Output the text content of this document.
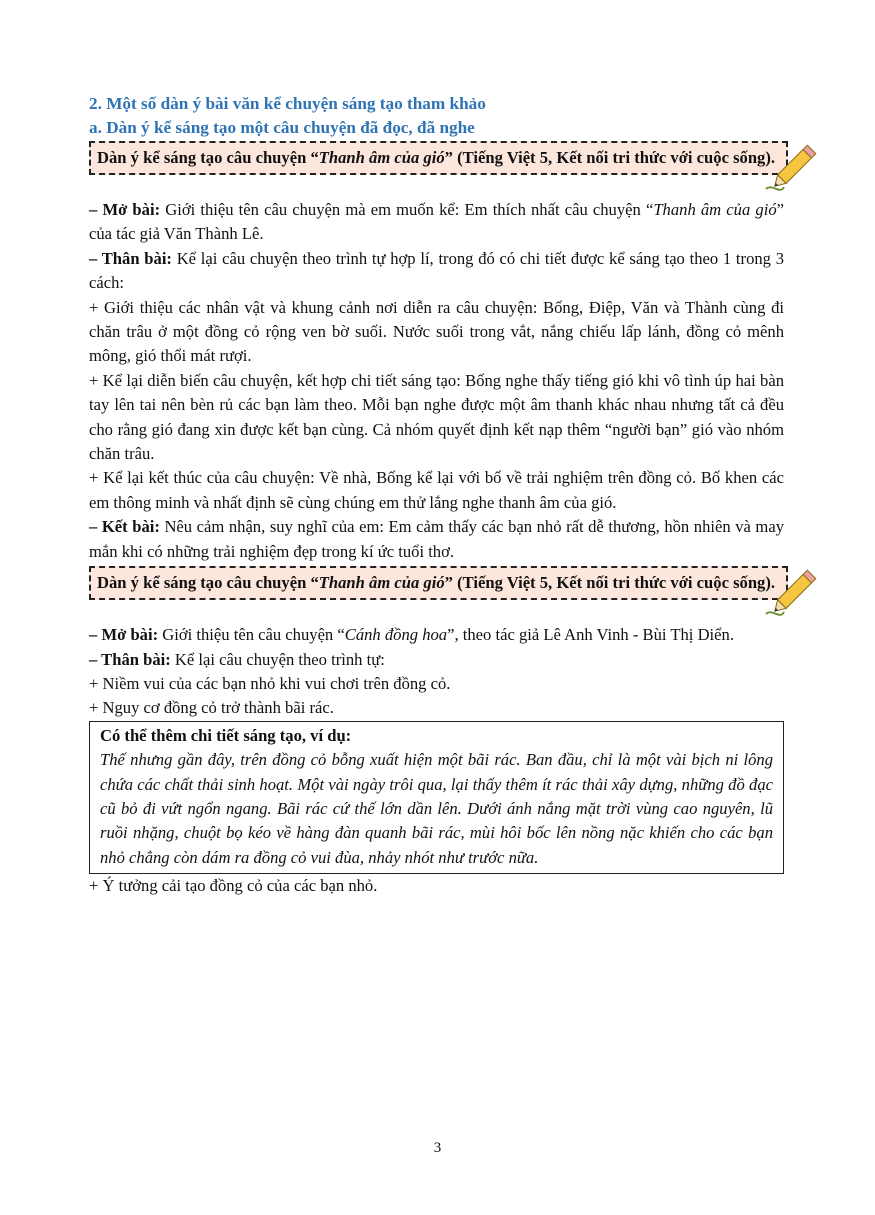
2. Một số dàn ý bài văn kể chuyện sáng tạo tham khảo

a. Dàn ý kể sáng tạo một câu chuyện đã đọc, đã nghe

Dàn ý kể sáng tạo câu chuyện “Thanh âm của gió” (Tiếng Việt 5, Kết nối tri thức với cuộc sống).

– Mở bài: Giới thiệu tên câu chuyện mà em muốn kể: Em thích nhất câu chuyện “Thanh âm của gió” của tác giả Văn Thành Lê.

– Thân bài: Kể lại câu chuyện theo trình tự hợp lí, trong đó có chi tiết được kể sáng tạo theo 1 trong 3 cách:

+ Giới thiệu các nhân vật và khung cảnh nơi diễn ra câu chuyện: Bống, Điệp, Văn và Thành cùng đi chăn trâu ở một đồng cỏ rộng ven bờ suối. Nước suối trong vắt, nắng chiếu lấp lánh, đồng cỏ mênh mông, gió thổi mát rượi.

+ Kể lại diễn biến câu chuyện, kết hợp chi tiết sáng tạo: Bống nghe thấy tiếng gió khi vô tình úp hai bàn tay lên tai nên bèn rủ các bạn làm theo. Mỗi bạn nghe được một âm thanh khác nhau nhưng tất cả đều cho rằng gió đang xin được kết bạn cùng. Cả nhóm quyết định kết nạp thêm “người bạn” gió vào nhóm chăn trâu.

+ Kể lại kết thúc của câu chuyện: Về nhà, Bống kể lại với bố về trải nghiệm trên đồng cỏ. Bố khen các em thông minh và nhất định sẽ cùng chúng em thử lắng nghe thanh âm của gió.

– Kết bài: Nêu cảm nhận, suy nghĩ của em: Em cảm thấy các bạn nhỏ rất dễ thương, hồn nhiên và may mắn khi có những trải nghiệm đẹp trong kí ức tuổi thơ.

Dàn ý kể sáng tạo câu chuyện “Thanh âm của gió” (Tiếng Việt 5, Kết nối tri thức với cuộc sống).

– Mở bài: Giới thiệu tên câu chuyện “Cánh đồng hoa”, theo tác giả Lê Anh Vinh - Bùi Thị Diển.

– Thân bài: Kể lại câu chuyện theo trình tự:

+ Niềm vui của các bạn nhỏ khi vui chơi trên đồng cỏ.

+ Nguy cơ đồng cỏ trở thành bãi rác.

Có thể thêm chi tiết sáng tạo, ví dụ:

Thế nhưng gần đây, trên đồng cỏ bỗng xuất hiện một bãi rác. Ban đầu, chỉ là một vài bịch ni lông chứa các chất thải sinh hoạt. Một vài ngày trôi qua, lại thấy thêm ít rác thải xây dựng, những đồ đạc cũ bỏ đi vứt ngổn ngang. Bãi rác cứ thế lớn dần lên. Dưới ánh nắng mặt trời vùng cao nguyên, lũ ruồi nhặng, chuột bọ kéo về hàng đàn quanh bãi rác, mùi hôi bốc lên nồng nặc khiến cho các bạn nhỏ chẳng còn dám ra đồng cỏ vui đùa, nhảy nhót như trước nữa.

+ Ý tưởng cải tạo đồng cỏ của các bạn nhỏ.

3
